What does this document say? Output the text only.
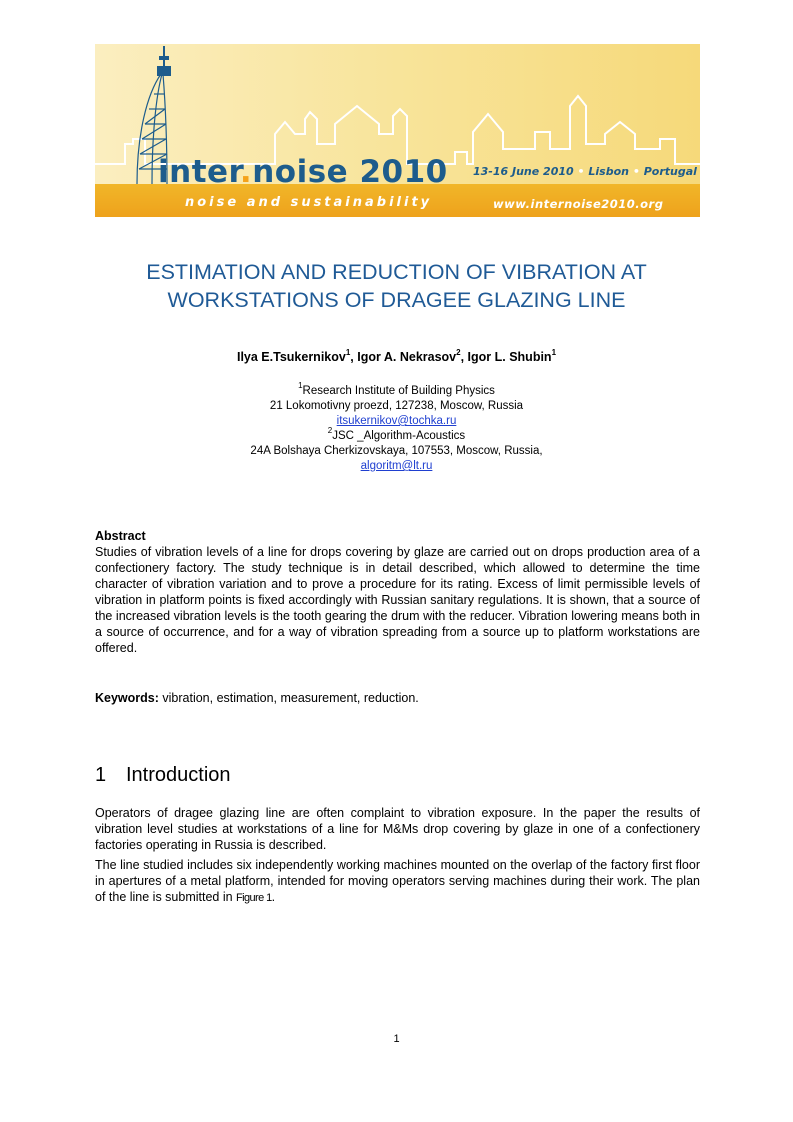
inter.noise 2010 13-16 June 2010 • Lisbon • Portugal
noise and sustainability	www.internoise2010.org
ESTIMATION AND REDUCTION OF VIBRATION AT
WORKSTATIONS OF DRAGEE GLAZING LINE
Ilya E.Tsukernikov$^1$, Igor A. Nekrasov$^2$, Igor L. Shubin$^1$
$^1$Research Institute of Building Physics
21 Lokomotivny proezd, 127238, Moscow, Russia
itsukernikov@tochka.ru
$^2$JSC _Algorithm-Acoustics
24A Bolshaya Cherkizovskaya, 107553, Moscow, Russia,
algoritm@lt.ru
Abstract
Studies of vibration levels of a line for drops covering by glaze are carried out on drops production area of a confectionery factory. The study technique is in detail described, which allowed to determine the time character of vibration variation and to prove a procedure for its rating. Excess of limit permissible levels of vibration in platform points is fixed accordingly with Russian sanitary regulations. It is shown, that a source of the increased vibration levels is the tooth gearing the drum with the reducer. Vibration lowering means both in a source of occurrence, and for a way of vibration spreading from a source up to platform workstations are offered.
Keywords: vibration, estimation, measurement, reduction.
1 Introduction
Operators of dragee glazing line are often complaint to vibration exposure. In the paper the results of vibration level studies at workstations of a line for M&Ms drop covering by glaze in one of a confectionery factories operating in Russia is described.
The line studied includes six independently working machines mounted on the overlap of the factory first floor in apertures of a metal platform, intended for moving operators serving machines during their work. The plan of the line is submitted in Figure 1.
1
